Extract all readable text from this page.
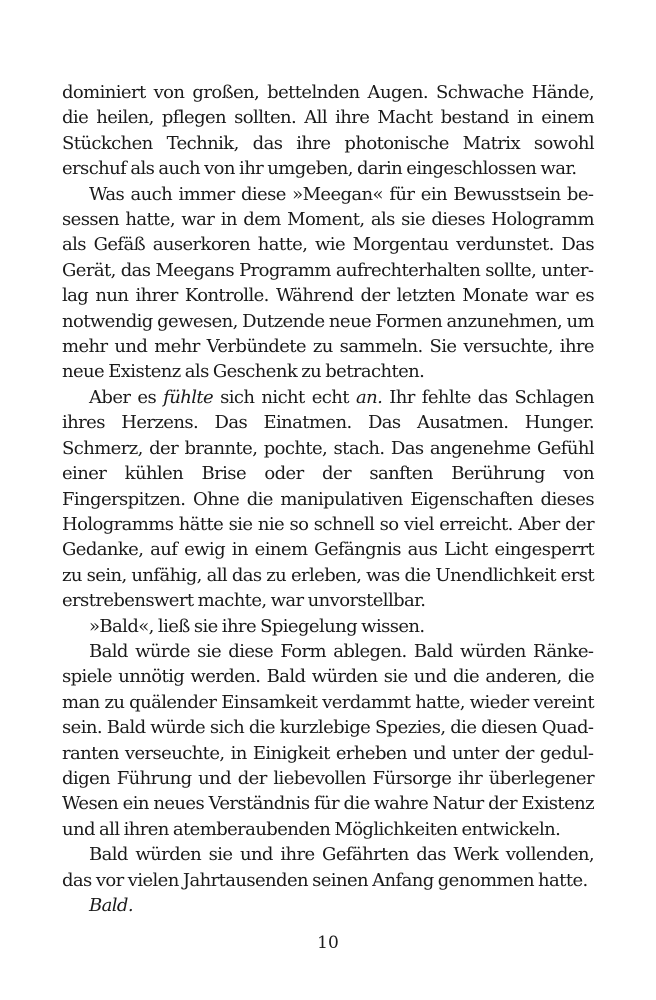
dominiert von großen, bettelnden Augen. Schwache Hände, die heilen, pflegen sollten. All ihre Macht bestand in einem Stückchen Technik, das ihre photonische Matrix sowohl erschuf als auch von ihr umgeben, darin eingeschlossen war.

Was auch immer diese »Meegan« für ein Bewusstsein besessen hatte, war in dem Moment, als sie dieses Hologramm als Gefäß auserkoren hatte, wie Morgentau verdunstet. Das Gerät, das Meegans Programm aufrechterhalten sollte, unterlag nun ihrer Kontrolle. Während der letzten Monate war es notwendig gewesen, Dutzende neue Formen anzunehmen, um mehr und mehr Verbündete zu sammeln. Sie versuchte, ihre neue Existenz als Geschenk zu betrachten.

Aber es fühlte sich nicht echt an. Ihr fehlte das Schlagen ihres Herzens. Das Einatmen. Das Ausatmen. Hunger. Schmerz, der brannte, pochte, stach. Das angenehme Gefühl einer kühlen Brise oder der sanften Berührung von Fingerspitzen. Ohne die manipulativen Eigenschaften dieses Hologramms hätte sie nie so schnell so viel erreicht. Aber der Gedanke, auf ewig in einem Gefängnis aus Licht eingesperrt zu sein, unfähig, all das zu erleben, was die Unendlichkeit erst erstrebenswert machte, war unvorstellbar.

»Bald«, ließ sie ihre Spiegelung wissen.

Bald würde sie diese Form ablegen. Bald würden Ränkespiele unnötig werden. Bald würden sie und die anderen, die man zu quälender Einsamkeit verdammt hatte, wieder vereint sein. Bald würde sich die kurzlebige Spezies, die diesen Quadranten verseuchte, in Einigkeit erheben und unter der geduldigen Führung und der liebevollen Fürsorge ihr überlegener Wesen ein neues Verständnis für die wahre Natur der Existenz und all ihren atemberaubenden Möglichkeiten entwickeln.

Bald würden sie und ihre Gefährten das Werk vollenden, das vor vielen Jahrtausenden seinen Anfang genommen hatte.

Bald.

10
